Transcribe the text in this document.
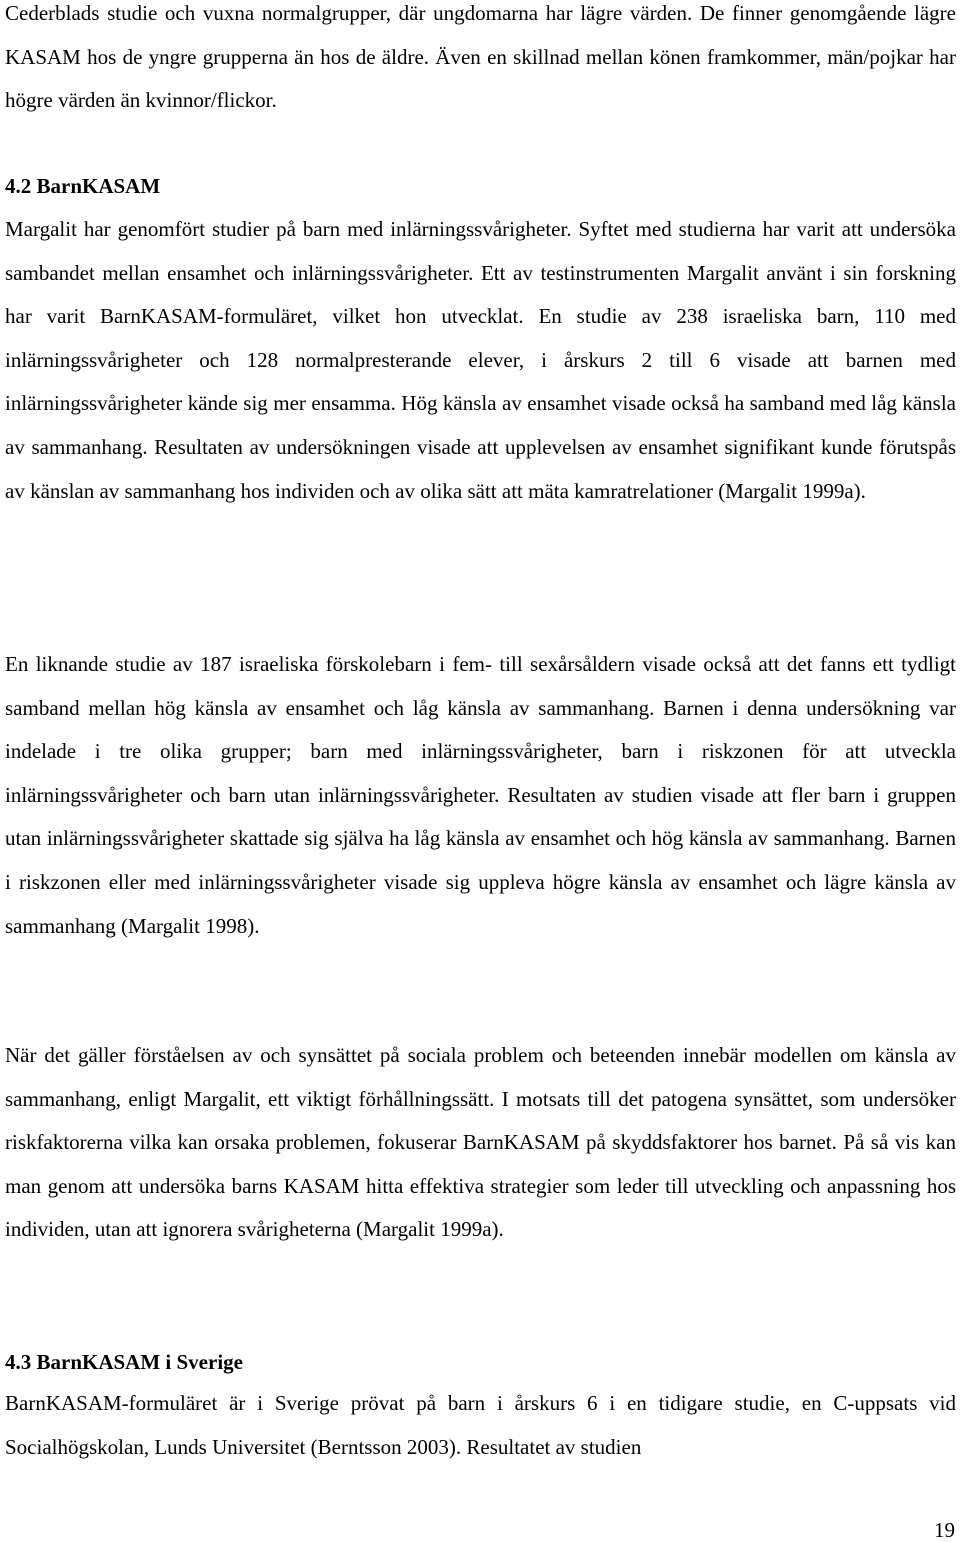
Cederblads studie och vuxna normalgrupper, där ungdomarna har lägre värden. De finner genomgående lägre KASAM hos de yngre grupperna än hos de äldre. Även en skillnad mellan könen framkommer, män/pojkar har högre värden än kvinnor/flickor.

4.2 BarnKASAM

Margalit har genomfört studier på barn med inlärningssvårigheter. Syftet med studierna har varit att undersöka sambandet mellan ensamhet och inlärningssvårigheter. Ett av testinstrumenten Margalit använt i sin forskning har varit BarnKASAM-formuläret, vilket hon utvecklat. En studie av 238 israeliska barn, 110 med inlärningssvårigheter och 128 normalpresterande elever, i årskurs 2 till 6 visade att barnen med inlärningssvårigheter kände sig mer ensamma. Hög känsla av ensamhet visade också ha samband med låg känsla av sammanhang. Resultaten av undersökningen visade att upplevelsen av ensamhet signifikant kunde förutspås av känslan av sammanhang hos individen och av olika sätt att mäta kamratrelationer (Margalit 1999a).

En liknande studie av 187 israeliska förskolebarn i fem- till sexårsåldern visade också att det fanns ett tydligt samband mellan hög känsla av ensamhet och låg känsla av sammanhang. Barnen i denna undersökning var indelade i tre olika grupper; barn med inlärningssvårigheter, barn i riskzonen för att utveckla inlärningssvårigheter och barn utan inlärningssvårigheter. Resultaten av studien visade att fler barn i gruppen utan inlärningssvårigheter skattade sig själva ha låg känsla av ensamhet och hög känsla av sammanhang. Barnen i riskzonen eller med inlärningssvårigheter visade sig uppleva högre känsla av ensamhet och lägre känsla av sammanhang (Margalit 1998).

När det gäller förståelsen av och synsättet på sociala problem och beteenden innebär modellen om känsla av sammanhang, enligt Margalit, ett viktigt förhållningssätt. I motsats till det patogena synsättet, som undersöker riskfaktorerna vilka kan orsaka problemen, fokuserar BarnKASAM på skyddsfaktorer hos barnet. På så vis kan man genom att undersöka barns KASAM hitta effektiva strategier som leder till utveckling och anpassning hos individen, utan att ignorera svårigheterna (Margalit 1999a).

4.3 BarnKASAM i Sverige

BarnKASAM-formuläret är i Sverige prövat på barn i årskurs 6 i en tidigare studie, en C-uppsats vid Socialhögskolan, Lunds Universitet (Berntsson 2003). Resultatet av studien

19
